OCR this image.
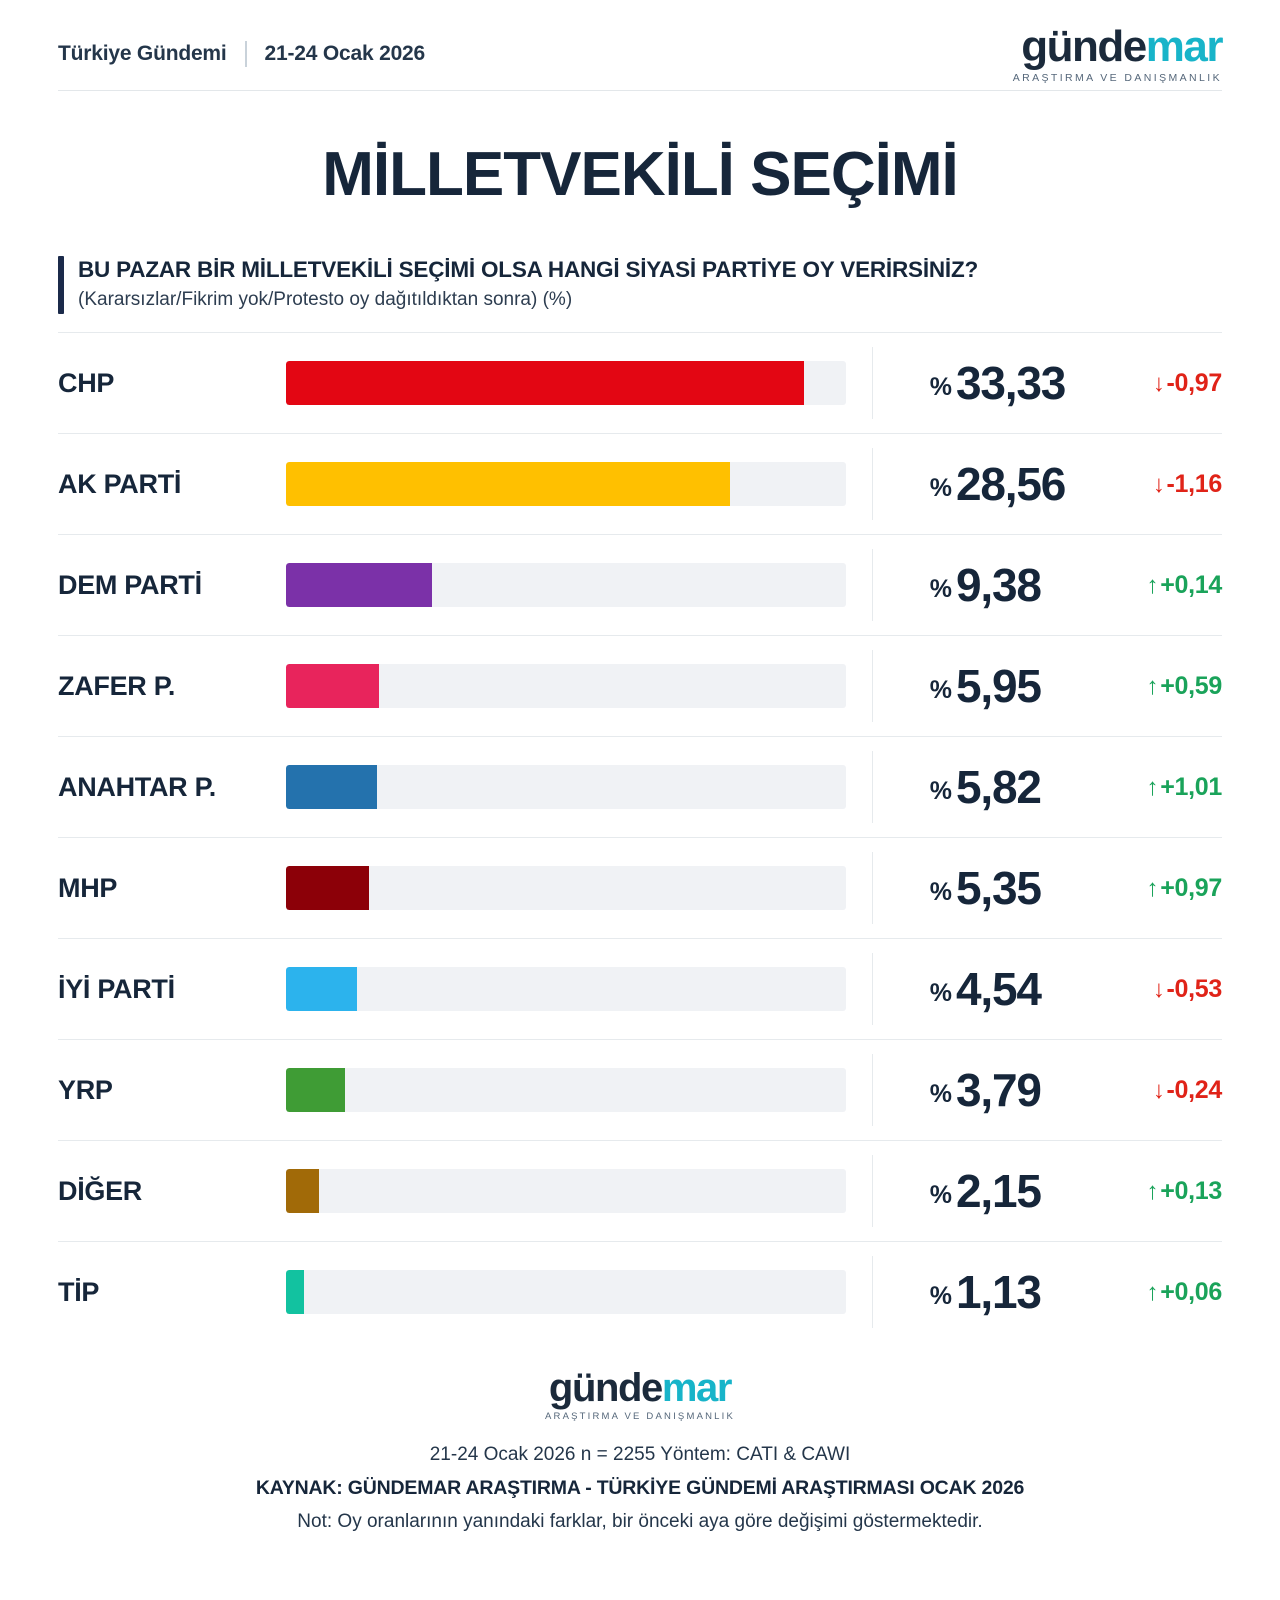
Türkiye Gündemi 21-24 Ocak 2026	gündemar
ARAŞTIRMA VE DANIŞMANLIK
MİLLETVEKİLİ SEÇİMİ
BU PAZAR BİR MİLLETVEKİLİ SEÇİMİ OLSA HANGİ SİYASİ PARTİYE OY VERİRSİNİZ?
(Kararsızlar/Fikrim yok/Protesto oy dağıtıldıktan sonra) (%)
CHP	% 33,33	↓-0,97
AK PARTİ	% 28,56	↓-1,16
DEM PARTİ	% 9,38	↑+0,14
ZAFER P.	% 5,95	↑+0,59
ANAHTAR P.	% 5,82	↑+1,01
MHP	% 5,35	↑+0,97
İYİ PARTİ	% 4,54	↓-0,53
YRP	% 3,79	↓-0,24
DİĞER	% 2,15	↑+0,13
TİP	% 1,13	↑+0,06
gündemar
ARAŞTIRMA VE DANIŞMANLIK
21-24 Ocak 2026 n = 2255 Yöntem: CATI & CAWI
KAYNAK: GÜNDEMAR ARAŞTIRMA - TÜRKİYE GÜNDEMİ ARAŞTIRMASI OCAK 2026
Not: Oy oranlarının yanındaki farklar, bir önceki aya göre değişimi göstermektedir.
